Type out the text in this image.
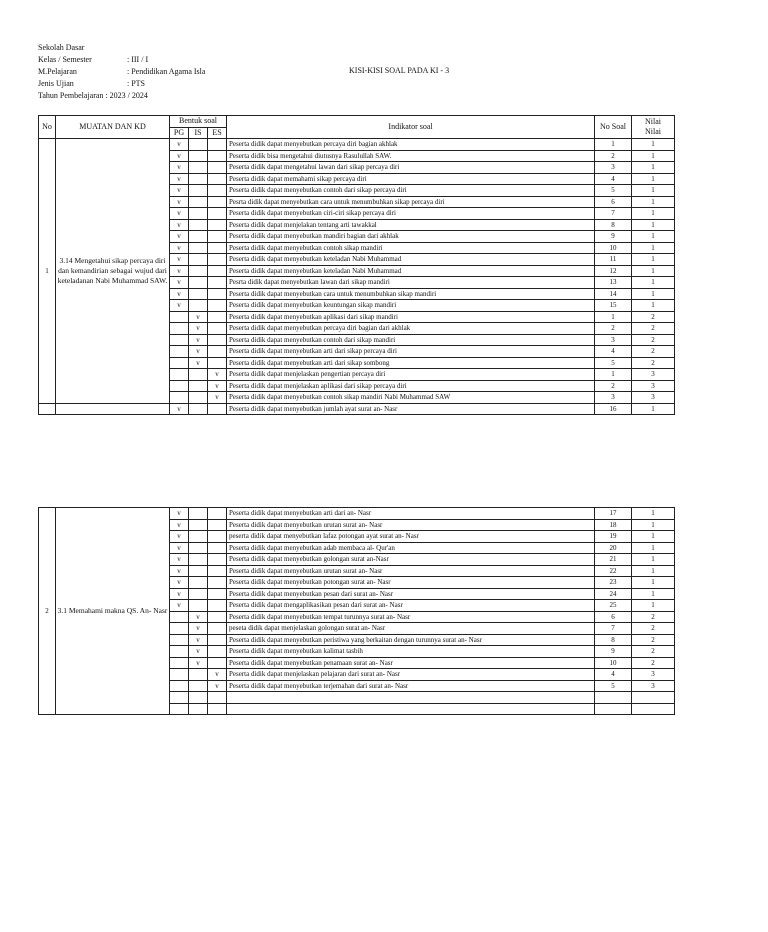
Sekolah Dasar
Kelas / Semester	: III / I
M.Pelajaran	: Pendidikan Agama Isla
Jenis Ujian	: PTS
Tahun Pembelajaran : 2023 / 2024
KISI-KISI SOAL PADA KI - 3
No	MUATAN DAN KD	Bentuk soal			Indikator soal	No Soal	Nilai
Nilai
		PG	IS	ES			
1	3.14 Mengetahui sikap percaya diri dan kemandirian sebagai wujud dari keteladanan Nabi Muhammad SAW.	v			Peserta didik dapat menyebutkan percaya diri bagian akhlak	1	1
		v			Peserta didik bisa mengetahui diutusnya Rasulullah SAW.	2	1
		v			Peserta didik dapat mengetahui lawan dari sikap percaya diri	3	1
		v			Peserta didik dapat memahami sikap percaya diri	4	1
		v			Peserta didik dapat menyebutkan contoh dari sikap percaya diri	5	1
		v			Pesrta didik dapat menyebutkan cara untuk menumbuhkan sikap percaya diri	6	1
		v			Peserta didik dapat menyebutkan ciri-ciri sikap percaya diri	7	1
		v			Peserta didik dapat menjelakan tentang arti tawakkal	8	1
		v			Peserta didik dapat menyebutkan mandiri bagian dari akhlak	9	1
		v			Peserta didik dapat menyebutkan contoh sikap mandiri	10	1
		v			Peserta didik dapat menyebutkan keteladan Nabi Muhammad	11	1
		v			Peserta didik dapat menyebutkan keteladan Nabi Muhammad	12	1
		v			Pesrta didik dapat menyebutkan lawan dari sikap mandiri	13	1
		v			Peserta didik dapat menyebutkan cara untuk menumbuhkan sikap mandiri	14	1
		v			Peserta didik dapat menyebutkan keuntungan sikap mandiri	15	1
			v		Peserta didik dapat menyebutkan aplikasi dari sikap mandiri	1	2
			v		Peserta didik dapat menyebutkan percaya diri bagian dari akhlak	2	2
			v		Peserta didik dapat menyebutkan contoh dari sikap mandiri	3	2
			v		Peserta didik dapat menyebutkan arti dari sikap percaya diri	4	2
			v		Peserta didik dapat menyebutkan arti dari sikap sombong	5	2
				v	Peserta didik dapat menjelaskan pengertian percaya diri	1	3
				v	Peserta didik dapat menjelaskan aplikasi dari sikap percaya diri	2	3
				v	Peserta didik dapat menyebutkan contoh sikap mandiri Nabi Muhammad SAW	3	3
		v			Peserta didik dapat menyebutkan jumlah ayat surat an- Nasr	16	1
2	3.1 Memahami makna QS. An- Nasr	v			Peserta didik dapat menyebutkan arti dari an- Nasr	17	1
		v			Peserta didik dapat menyebutkan urutan surat an- Nasr	18	1
		v			peserta didik dapat menyebutkan lafaz potongan ayat surat an- Nasr	19	1
		v			Peserta didik dapat menyebutkan adab membaca al- Qur'an	20	1
		v			Peserta didik dapat menyebutkan golongan surat an-Nasr	21	1
		v			Peserta didik dapat menyebutkan urutan surat an- Nasr	22	1
		v			Peserta didik dapat menyebutkan potongan surat an- Nasr	23	1
		v			Peserta didik dapat menyebutkan pesan dari surat an- Nasr	24	1
		v			Peserta didik dapat mengaplikasikan pesan dari surat an- Nasr	25	1
			v		Peserta didik dapat menyebutkan tempat turunnya surat an- Nasr	6	2
			v		peseta didik dapat menjelaskan golongan surat an- Nasr	7	2
			v		Peserta didik dapat menyebutkan peristiwa yang berkaitan dengan turunnya surat an- Nasr	8	2
			v		Peserta didik dapat menyebutkan kalimat tasbih	9	2
			v		Peserta didik dapat menyebutkan penamaan surat an- Nasr	10	2
				v	Peserta didik dapat menjelaskan pelajaran dari surat an- Nasr	4	3
				v	Peserta didik dapat menyebutkan terjemahan dari surat an- Nasr	5	3
